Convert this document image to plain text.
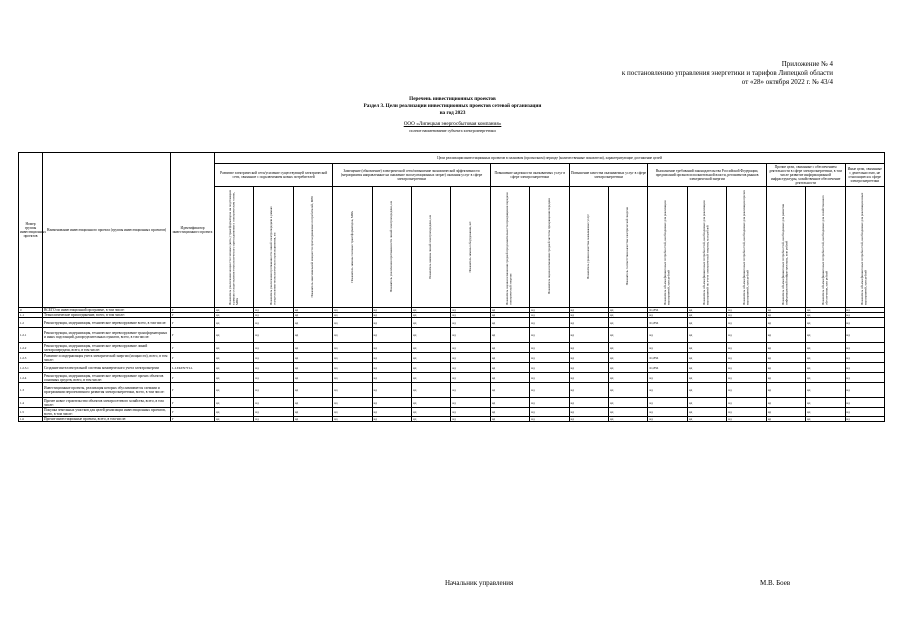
Приложение № 4
к постановлению управления энергетики и тарифов Липецкой области
от «28» октября 2022 г. № 43/4
Перечень инвестиционных проектов
Раздел 3. Цели реализации инвестиционных проектов сетевой организации
на год 2023
ООО «Липецкая энергосбытовая компания»
полное наименование субъекта электроэнергетики
Номер группы инвестиционных проектов	Наименование инвестиционного проекта (группы инвестиционных проектов)	Идентификатор инвестиционного проекта	Цели реализации инвестиционных проектов в плановом (прогнозном) периоде (количественные показатели), характеризующие достижение целей																
			Развитие электрической сети/усиление существующей электрической сети, связанное с подключением новых потребителей			Замещение (обновление) электрической сети/повышение экономической эффективности (мероприятия направленные на снижение эксплуатационных затрат) оказания услуг в сфере электроэнергетики				Повышение надежности оказываемых услуг в сфере электроэнергетики		Повышение качества оказываемых услуг в сфере электроэнергетики		Выполнение требований законодательства Российской Федерации, предписаний органов исполнительной власти, регламентов рынков электрической энергии			Прочие цели, связанные с обеспечением деятельности в сфере электроэнергетики, в том числе развитие информационной инфраструктуры, хозяйственное обеспечение деятельности		Иные цели, связанные с деятельностью, не относящиеся к сфере электроэнергетики
			Показатель увеличения мощности силовых (авто-) трансформаторов на подстанциях в рамках осуществления технологического присоединения к электрическим сетям, МВА	Показатель увеличения протяженности линий электропередачи в рамках осуществления технологического присоединения, км	Показатель максимальной мощности присоединяемых потребителей, МВт	Показатель замены силовых трансформаторов, МВА	Показатель увеличения протяженности линий электропередачи, км	Показатель замены линий электропередачи, км	Показатель замены оборудования, шт.	Показатель оценки изменения средней продолжительности прекращения передачи электрической энергии	Показатель оценки изменения средней частоты прекращения передачи	Показатель уровня качества оказываемых услуг	Показатель соответствия качества электрической энергии	Показатель объема финансовых потребностей, необходимых для реализации мероприятий, млн рублей	Показатель объема финансовых потребностей, необходимых для реализации мероприятий по учету электрической энергии, млн рублей	Показатель объема финансовых потребностей, необходимых для реализации прочих мероприятий, млн рублей	Показатель объема финансовых потребностей, необходимых для развития информационной инфраструктуры, млн рублей	Показатель объема финансовых потребностей, необходимых для хозяйственного обеспечения, млн рублей	Показатель объема финансовых потребностей, необходимых для реализации иных мероприятий, млн рублей
0	ВСЕГО по инвестиционной программе, в том числе:	Г	нд	нд	нд	нд	нд	нд	нд	нд	нд	нд	нд	61,856	нд	нд	нд	нд	нд
1.1	Технологическое присоединение, всего, в том числе:	Г	нд	нд	нд	нд	нд	нд	нд	нд	нд	нд	нд	нд	нд	нд	нд	нд	нд
1.2	Реконструкция, модернизация, техническое перевооружение всего, в том числе:	Г	нд	нд	нд	нд	нд	нд	нд	нд	нд	нд	нд	61,856	нд	нд	нд	нд	нд
1.2.1	Реконструкция, модернизация, техническое перевооружение трансформаторных и иных подстанций, распределительных пунктов, всего, в том числе:	Г	нд	нд	нд	нд	нд	нд	нд	нд	нд	нд	нд	нд	нд	нд	нд	нд	нд
1.2.2	Реконструкция, модернизация, техническое перевооружение линий электропередачи, всего, в том числе:	Г	нд	нд	нд	нд	нд	нд	нд	нд	нд	нд	нд	нд	нд	нд	нд	нд	нд
1.2.3	Развитие и модернизация учета электрической энергии (мощности), всего, в том числе:	Г	нд	нд	нд	нд	нд	нд	нд	нд	нд	нд	нд	61,856	нд	нд	нд	нд	нд
1.2.3.1	Создание интеллектуальной системы коммерческого учета электроэнергии	L.LEKEN7TLL	нд	нд	нд	нд	нд	нд	нд	нд	нд	нд	нд	61,856	нд	нд	нд	нд	нд
1.2.4	Реконструкция, модернизация, техническое перевооружение прочих объектов основных средств, всего, в том числе:	Г	нд	нд	нд	нд	нд	нд	нд	нд	нд	нд	нд	нд	нд	нд	нд	нд	нд
1.3	Инвестиционные проекты, реализация которых обуславливается схемами и программами перспективного развития электроэнергетики, всего, в том числе:	Г	нд	нд	нд	нд	нд	нд	нд	нд	нд	нд	нд	нд	нд	нд	нд	нд	нд
1.4	Прочее новое строительство объектов электросетевого хозяйства, всего, в том числе:	Г	нд	нд	нд	нд	нд	нд	нд	нд	нд	нд	нд	нд	нд	нд	нд	нд	нд
1.5	Покупка земельных участков для целей реализации инвестиционных проектов, всего, в том числе:	Г	нд	нд	нд	нд	нд	нд	нд	нд	нд	нд	нд	нд	нд	нд	нд	нд	нд
1.6	Прочие инвестиционные проекты, всего, в том числе:	Г	нд	нд	нд	нд	нд	нд	нд	нд	нд	нд	нд	нд	нд	нд	нд	нд	нд
Начальник управления	М.В. Боев
